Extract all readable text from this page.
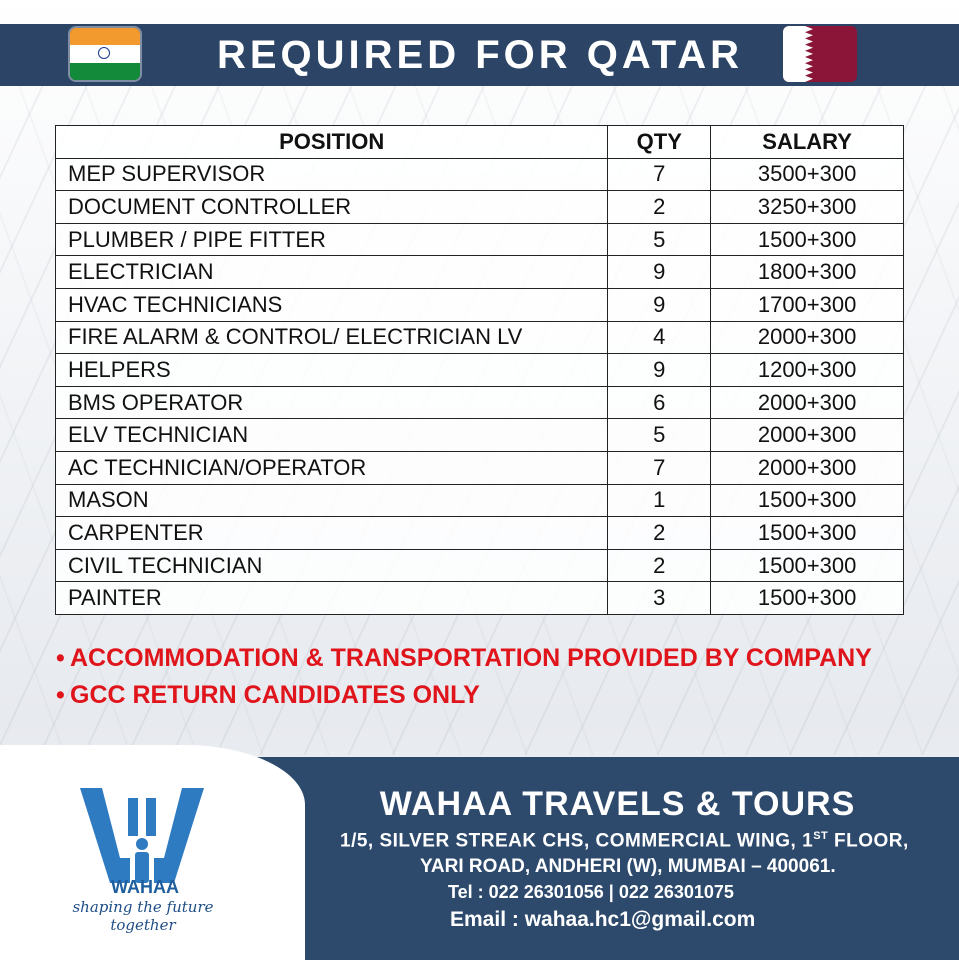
REQUIRED FOR QATAR
POSITION	QTY	SALARY
MEP SUPERVISOR	7	3500+300
DOCUMENT CONTROLLER	2	3250+300
PLUMBER / PIPE FITTER	5	1500+300
ELECTRICIAN	9	1800+300
HVAC TECHNICIANS	9	1700+300
FIRE ALARM & CONTROL/ ELECTRICIAN LV	4	2000+300
HELPERS	9	1200+300
BMS OPERATOR	6	2000+300
ELV TECHNICIAN	5	2000+300
AC TECHNICIAN/OPERATOR	7	2000+300
MASON	1	1500+300
CARPENTER	2	1500+300
CIVIL TECHNICIAN	2	1500+300
PAINTER	3	1500+300
• ACCOMMODATION & TRANSPORTATION PROVIDED BY COMPANY
• GCC RETURN CANDIDATES ONLY
WAHAA
shaping the future together
WAHAA TRAVELS & TOURS
1/5, SILVER STREAK CHS, COMMERCIAL WING, 1ST FLOOR,
YARI ROAD, ANDHERI (W), MUMBAI – 400061.
Tel : 022 26301056 | 022 26301075
Email : wahaa.hc1@gmail.com
